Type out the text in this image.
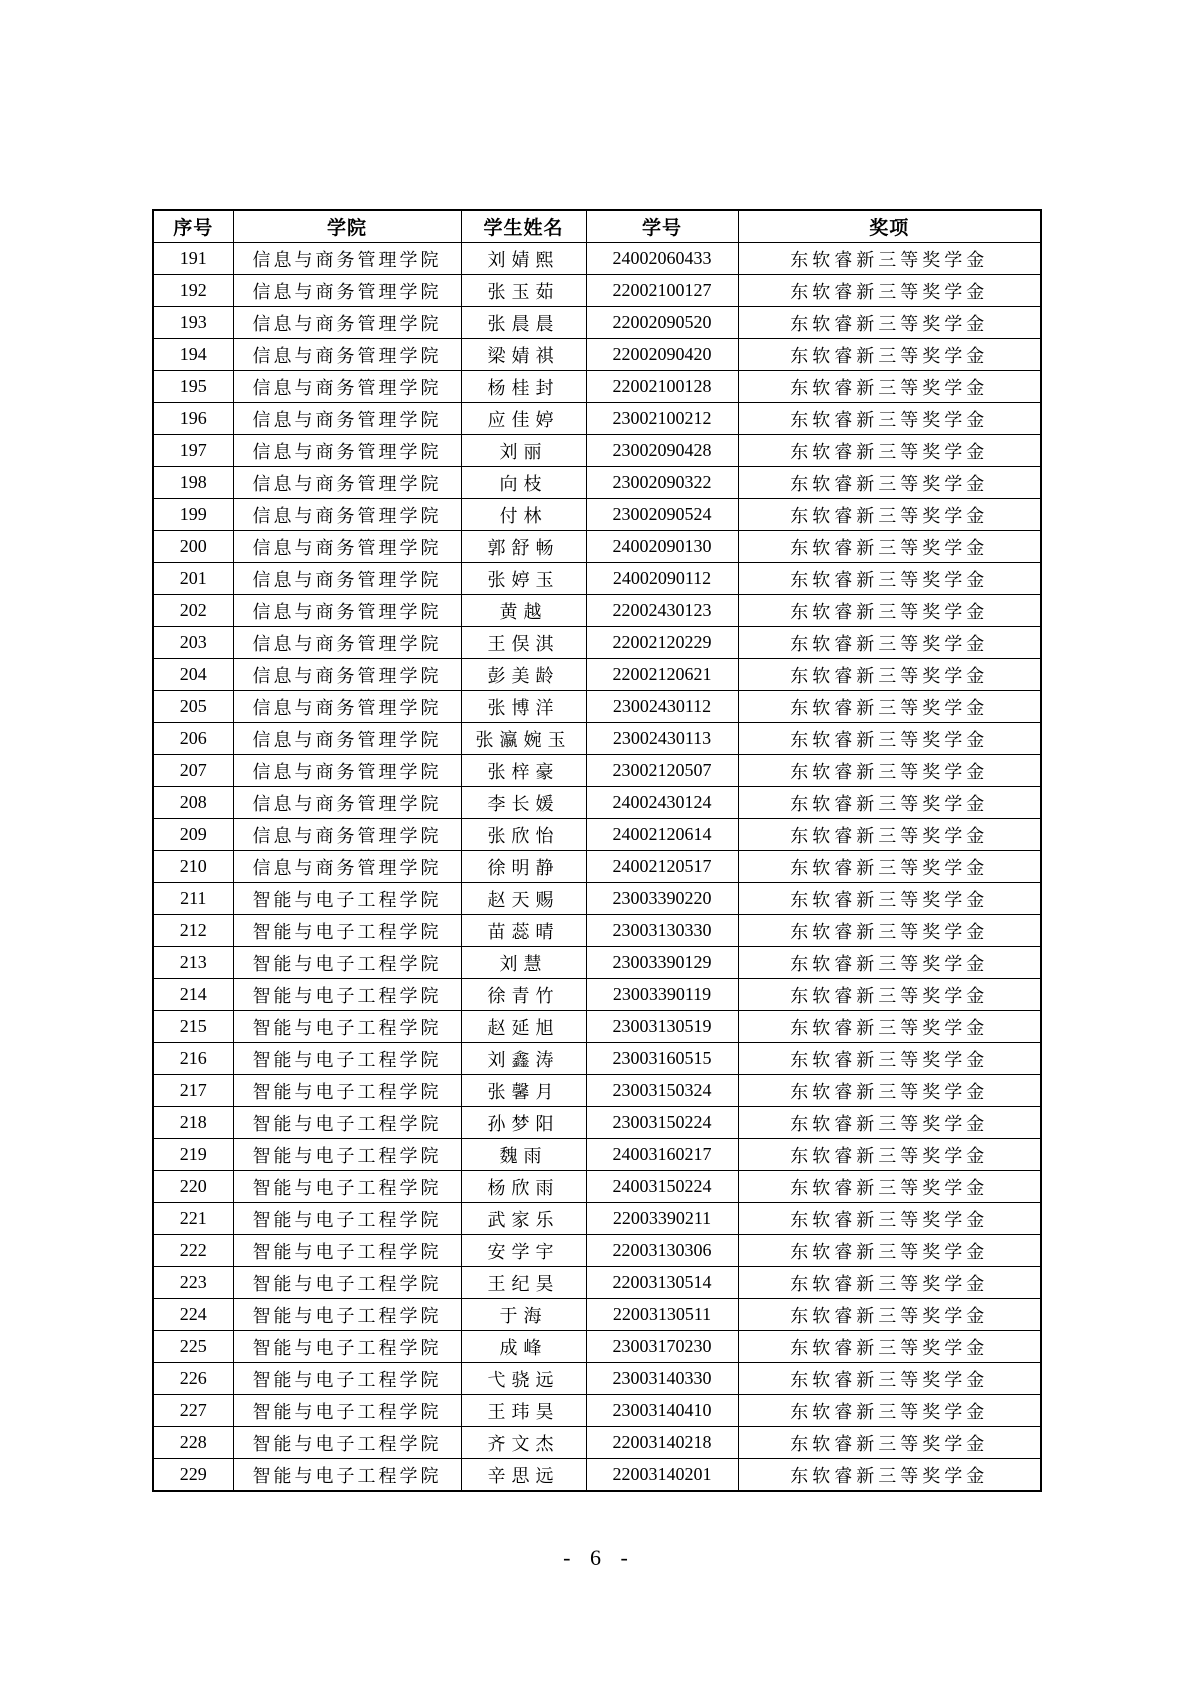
序号	学院	学生姓名	学号	奖项
191	信息与商务管理学院	刘婧熙	24002060433	东软睿新三等奖学金
192	信息与商务管理学院	张玉茹	22002100127	东软睿新三等奖学金
193	信息与商务管理学院	张晨晨	22002090520	东软睿新三等奖学金
194	信息与商务管理学院	梁婧祺	22002090420	东软睿新三等奖学金
195	信息与商务管理学院	杨桂封	22002100128	东软睿新三等奖学金
196	信息与商务管理学院	应佳婷	23002100212	东软睿新三等奖学金
197	信息与商务管理学院	刘丽	23002090428	东软睿新三等奖学金
198	信息与商务管理学院	向枝	23002090322	东软睿新三等奖学金
199	信息与商务管理学院	付林	23002090524	东软睿新三等奖学金
200	信息与商务管理学院	郭舒畅	24002090130	东软睿新三等奖学金
201	信息与商务管理学院	张婷玉	24002090112	东软睿新三等奖学金
202	信息与商务管理学院	黄越	22002430123	东软睿新三等奖学金
203	信息与商务管理学院	王俣淇	22002120229	东软睿新三等奖学金
204	信息与商务管理学院	彭美龄	22002120621	东软睿新三等奖学金
205	信息与商务管理学院	张博洋	23002430112	东软睿新三等奖学金
206	信息与商务管理学院	张瀛婉玉	23002430113	东软睿新三等奖学金
207	信息与商务管理学院	张梓豪	23002120507	东软睿新三等奖学金
208	信息与商务管理学院	李长媛	24002430124	东软睿新三等奖学金
209	信息与商务管理学院	张欣怡	24002120614	东软睿新三等奖学金
210	信息与商务管理学院	徐明静	24002120517	东软睿新三等奖学金
211	智能与电子工程学院	赵天赐	23003390220	东软睿新三等奖学金
212	智能与电子工程学院	苗蕊晴	23003130330	东软睿新三等奖学金
213	智能与电子工程学院	刘慧	23003390129	东软睿新三等奖学金
214	智能与电子工程学院	徐青竹	23003390119	东软睿新三等奖学金
215	智能与电子工程学院	赵延旭	23003130519	东软睿新三等奖学金
216	智能与电子工程学院	刘鑫涛	23003160515	东软睿新三等奖学金
217	智能与电子工程学院	张馨月	23003150324	东软睿新三等奖学金
218	智能与电子工程学院	孙梦阳	23003150224	东软睿新三等奖学金
219	智能与电子工程学院	魏雨	24003160217	东软睿新三等奖学金
220	智能与电子工程学院	杨欣雨	24003150224	东软睿新三等奖学金
221	智能与电子工程学院	武家乐	22003390211	东软睿新三等奖学金
222	智能与电子工程学院	安学宇	22003130306	东软睿新三等奖学金
223	智能与电子工程学院	王纪昊	22003130514	东软睿新三等奖学金
224	智能与电子工程学院	于海	22003130511	东软睿新三等奖学金
225	智能与电子工程学院	成峰	23003170230	东软睿新三等奖学金
226	智能与电子工程学院	弋骁远	23003140330	东软睿新三等奖学金
227	智能与电子工程学院	王玮昊	23003140410	东软睿新三等奖学金
228	智能与电子工程学院	齐文杰	22003140218	东软睿新三等奖学金
229	智能与电子工程学院	辛思远	22003140201	东软睿新三等奖学金
- 6 -
